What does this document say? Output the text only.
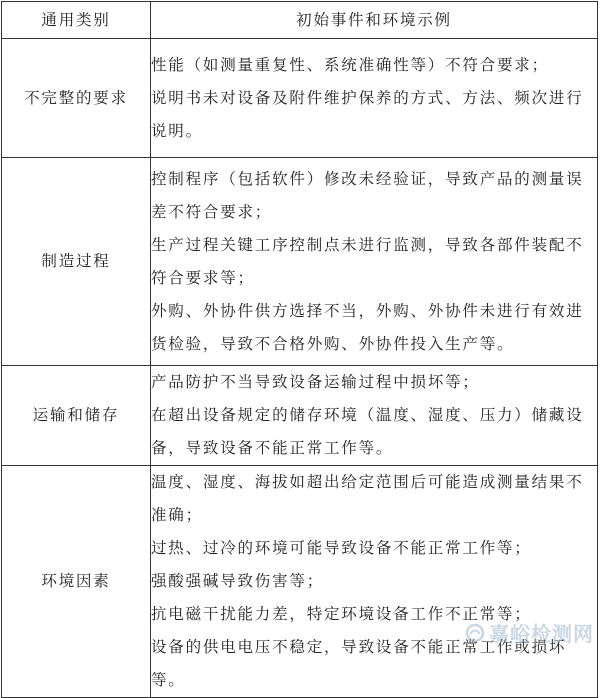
通用类别	初始事件和环境示例
不完整的要求	性能（如测量重复性、系统准确性等）不符合要求；

说明书未对设备及附件维护保养的方式、方法、频次进行说明。

制造过程	控制程序（包括软件）修改未经验证，导致产品的测量误差不符合要求；

生产过程关键工序控制点未进行监测，导致各部件装配不符合要求等；

外购、外协件供方选择不当，外购、外协件未进行有效进货检验，导致不合格外购、外协件投入生产等。

运输和储存	产品防护不当导致设备运输过程中损坏等；

在超出设备规定的储存环境（温度、湿度、压力）储藏设备，导致设备不能正常工作等。

环境因素	温度、湿度、海拔如超出给定范围后可能造成测量结果不准确；

过热、过冷的环境可能导致设备不能正常工作等；

强酸强碱导致伤害等；

抗电磁干扰能力差，特定环境设备工作不正常等；

设备的供电电压不稳定，导致设备不能正常工作或损坏等。

嘉峪检测网
